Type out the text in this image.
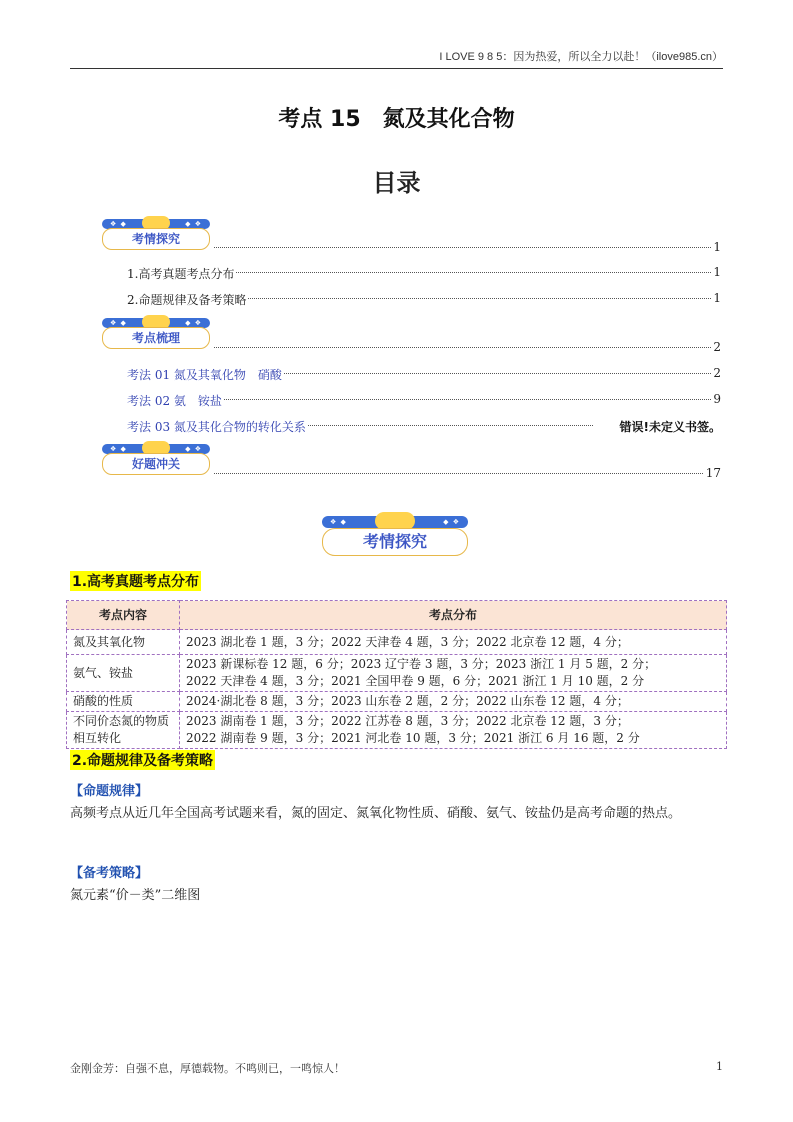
I LOVE 9 8 5：因为热爱，所以全力以赴！（ilove985.cn）
考点 15　氮及其化合物
目录
❖ ◆	◆ ❖
考情探究
1
1.高考真题考点分布	1
2.命题规律及备考策略	1
❖ ◆	◆ ❖
考点梳理
2
考法 01 氮及其氧化物　硝酸	2
考法 02 氨　铵盐	9
考法 03 氮及其化合物的转化关系	错误!未定义书签。
❖ ◆	◆ ❖
好题冲关
17
❖ ◆	◆ ❖
考情探究
1.高考真题考点分布
考点内容	考点分布
氮及其氧化物	2023 湖北卷 1 题，3 分；2022 天津卷 4 题，3 分；2022 北京卷 12 题，4 分；

氨气、铵盐	2023 新课标卷 12 题，6 分；2023 辽宁卷 3 题，3 分；2023 浙江 1 月 5 题，2 分；
2022 天津卷 4 题，3 分；2021 全国甲卷 9 题，6 分；2021 浙江 1 月 10 题，2 分

硝酸的性质	2024·湖北卷 8 题，3 分；2023 山东卷 2 题，2 分；2022 山东卷 12 题，4 分；

不同价态氮的物质相互转化	2023 湖南卷 1 题，3 分；2022 江苏卷 8 题，3 分；2022 北京卷 12 题，3 分；
2022 湖南卷 9 题，3 分；2021 河北卷 10 题，3 分；2021 浙江 6 月 16 题，2 分
2.命题规律及备考策略
【命题规律】
高频考点从近几年全国高考试题来看，氮的固定、氮氧化物性质、硝酸、氨气、铵盐仍是高考命题的热点。
【备考策略】
氮元素“价－类”二维图
金刚金芳：自强不息，厚德载物。不鸣则已，一鸣惊人！	1
